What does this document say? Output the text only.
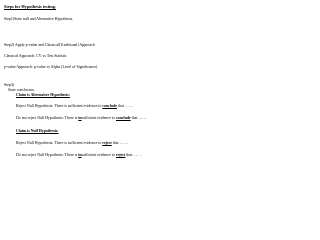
Steps for Hypothesis testing.
Step1)State null and Alternative Hypothesis.
Step2) Apply p-value and Classical(Traditional) Approach
Classical Approach: CV vs Test Statistic
p-value Approach: p-value vs Alpha (Level of Significance)
Step3)
State conclusion.
Claim is Alternative Hypothesis:
Reject Null Hypothesis: There is sufficient evidence to conclude that …….
Do not reject Null Hypothesis: There is insufficient evidence to conclude that …….
Claim is Null Hypothesis:
Reject Null Hypothesis: There is sufficient evidence to reject that …….
Do not reject Null Hypothesis: There is insufficient evidence to reject that …….
